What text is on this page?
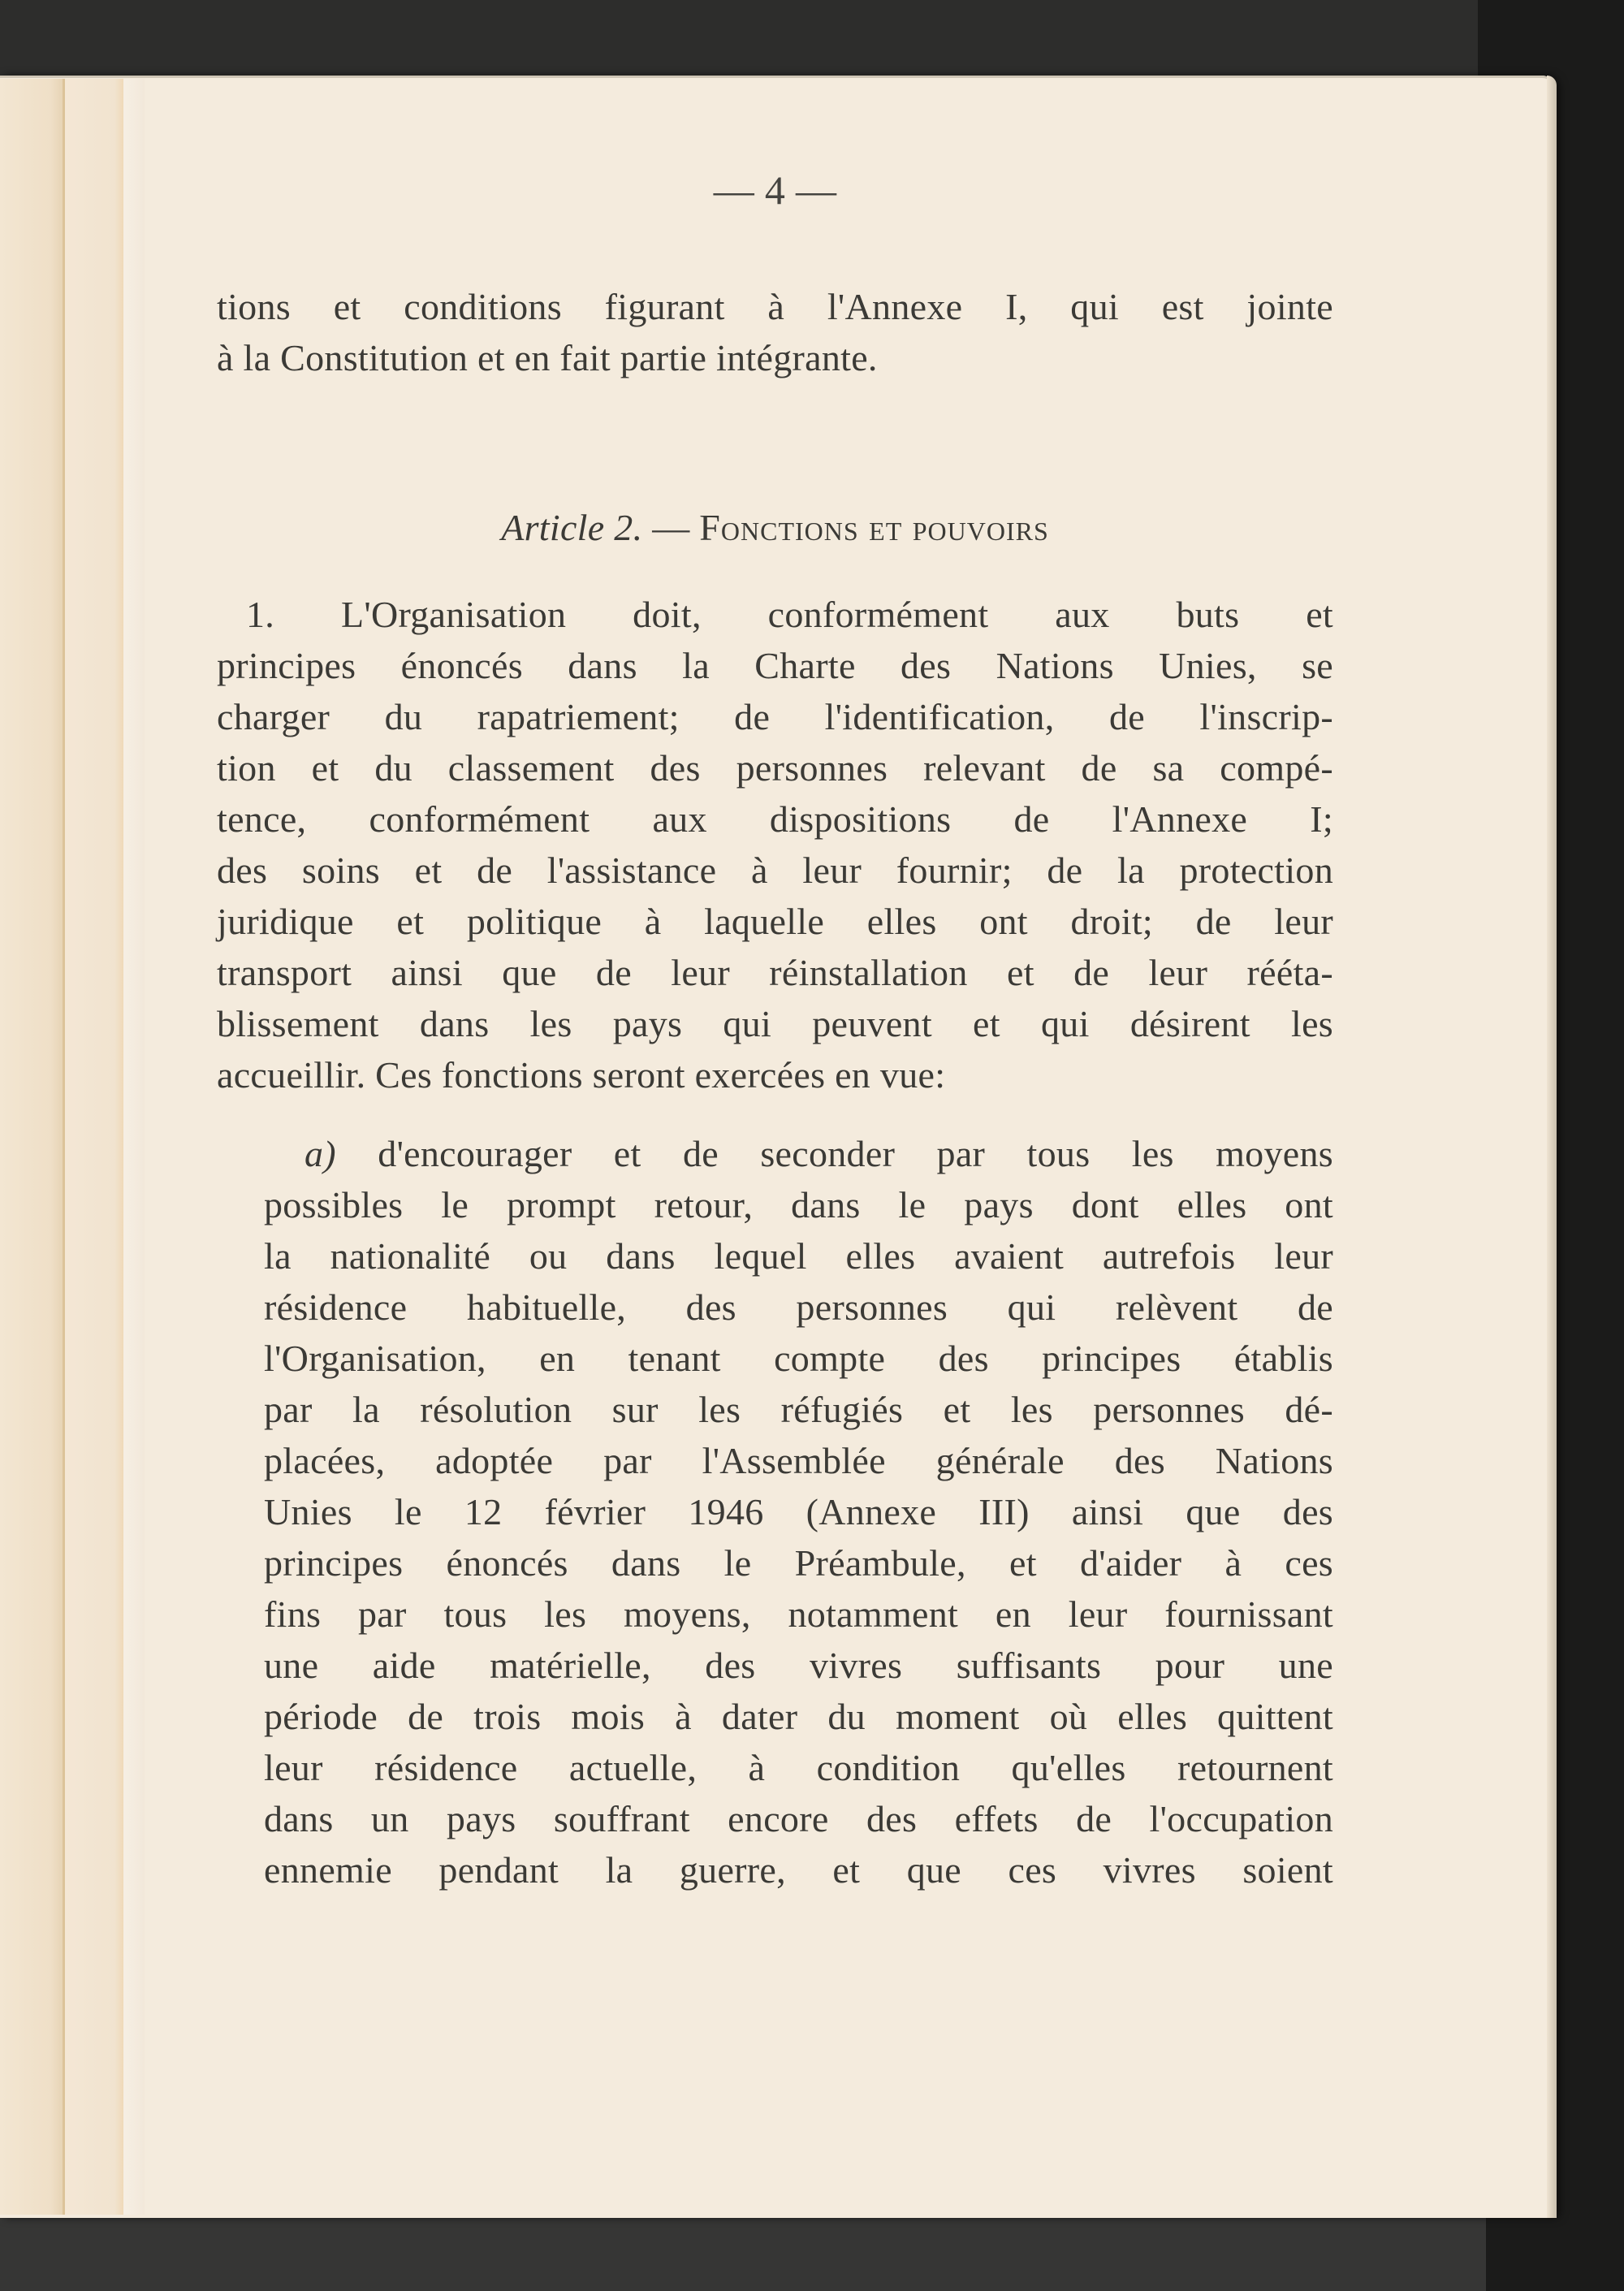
— 4 —
tions et conditions figurant à l'Annexe I, qui est jointe
à la Constitution et en fait partie intégrante.
Article 2. — Fonctions et pouvoirs
1. L'Organisation doit, conformément aux buts et
principes énoncés dans la Charte des Nations Unies, se
charger du rapatriement; de l'identification, de l'inscrip-
tion et du classement des personnes relevant de sa compé-
tence, conformément aux dispositions de l'Annexe I;
des soins et de l'assistance à leur fournir; de la protection
juridique et politique à laquelle elles ont droit; de leur
transport ainsi que de leur réinstallation et de leur rééta-
blissement dans les pays qui peuvent et qui désirent les
accueillir. Ces fonctions seront exercées en vue:
a) d'encourager et de seconder par tous les moyens
possibles le prompt retour, dans le pays dont elles ont
la nationalité ou dans lequel elles avaient autrefois leur
résidence habituelle, des personnes qui relèvent de
l'Organisation, en tenant compte des principes établis
par la résolution sur les réfugiés et les personnes dé-
placées, adoptée par l'Assemblée générale des Nations
Unies le 12 février 1946 (Annexe III) ainsi que des
principes énoncés dans le Préambule, et d'aider à ces
fins par tous les moyens, notamment en leur fournissant
une aide matérielle, des vivres suffisants pour une
période de trois mois à dater du moment où elles quittent
leur résidence actuelle, à condition qu'elles retournent
dans un pays souffrant encore des effets de l'occupation
ennemie pendant la guerre, et que ces vivres soient
